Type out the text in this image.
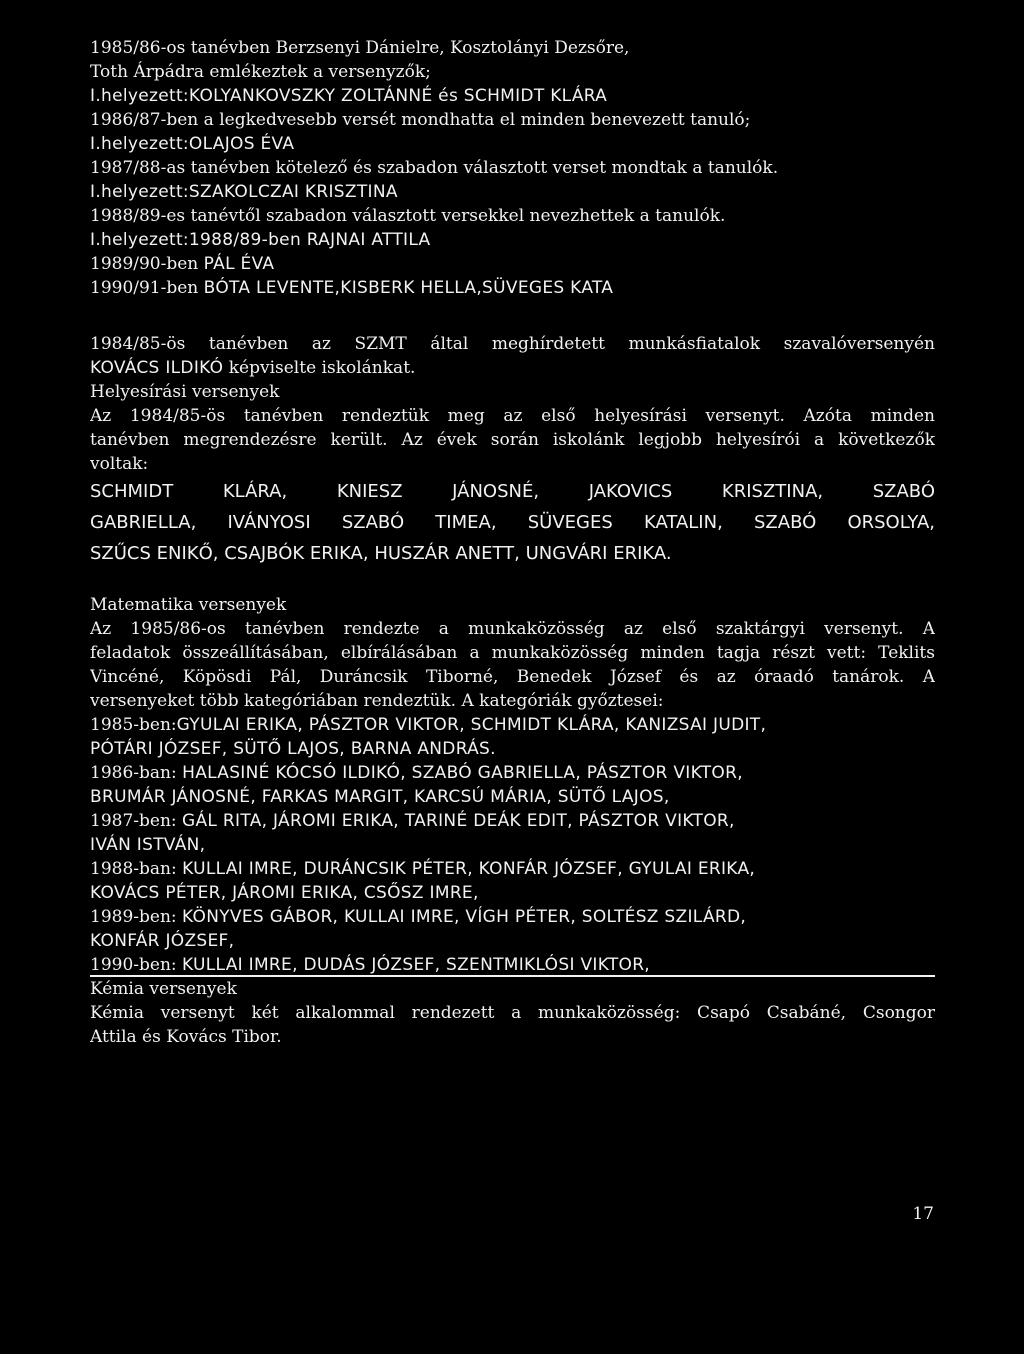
1985/86-os tanévben Berzsenyi Dánielre, Kosztolányi Dezsőre,
Toth Árpádra emlékeztek a versenyzők;
I.helyezett:KOLYANKOVSZKY ZOLTÁNNÉ és SCHMIDT KLÁRA
1986/87-ben a legkedvesebb versét mondhatta el minden benevezett tanuló;
I.helyezett:OLAJOS ÉVA
1987/88-as tanévben kötelező és szabadon választott verset mondtak a tanulók.
I.helyezett:SZAKOLCZAI KRISZTINA
1988/89-es tanévtől szabadon választott versekkel nevezhettek a tanulók.
I.helyezett:1988/89-ben RAJNAI ATTILA
1989/90-ben PÁL ÉVA
1990/91-ben BÓTA LEVENTE,KISBERK HELLA,SÜVEGES KATA
1984/85-ös tanévben az SZMT által meghírdetett munkásfiatalok szavalóversenyén
KOVÁCS ILDIKÓ képviselte iskolánkat.
Helyesírási versenyek
Az 1984/85-ös tanévben rendeztük meg az első helyesírási versenyt. Azóta minden
tanévben megrendezésre került. Az évek során iskolánk legjobb helyesírói a következők
voltak:
SCHMIDT KLÁRA, KNIESZ JÁNOSNÉ, JAKOVICS KRISZTINA, SZABÓ
GABRIELLA, IVÁNYOSI SZABÓ TIMEA, SÜVEGES KATALIN, SZABÓ ORSOLYA,
SZŰCS ENIKŐ, CSAJBÓK ERIKA, HUSZÁR ANETT, UNGVÁRI ERIKA.
Matematika versenyek
Az 1985/86-os tanévben rendezte a munkaközösség az első szaktárgyi versenyt. A
feladatok összeállításában, elbírálásában a munkaközösség minden tagja részt vett: Teklits
Vincéné, Köpösdi Pál, Duráncsik Tiborné, Benedek József és az óraadó tanárok. A
versenyeket több kategóriában rendeztük. A kategóriák győztesei:
1985-ben:GYULAI ERIKA, PÁSZTOR VIKTOR, SCHMIDT KLÁRA, KANIZSAI JUDIT,
PÓTÁRI JÓZSEF, SÜTŐ LAJOS, BARNA ANDRÁS.
1986-ban: HALASINÉ KÓCSÓ ILDIKÓ, SZABÓ GABRIELLA, PÁSZTOR VIKTOR,
BRUMÁR JÁNOSNÉ, FARKAS MARGIT, KARCSÚ MÁRIA, SÜTŐ LAJOS,
1987-ben: GÁL RITA, JÁROMI ERIKA, TARINÉ DEÁK EDIT, PÁSZTOR VIKTOR,
IVÁN ISTVÁN,
1988-ban: KULLAI IMRE, DURÁNCSIK PÉTER, KONFÁR JÓZSEF, GYULAI ERIKA,
KOVÁCS PÉTER, JÁROMI ERIKA, CSŐSZ IMRE,
1989-ben: KÖNYVES GÁBOR, KULLAI IMRE, VÍGH PÉTER, SOLTÉSZ SZILÁRD,
KONFÁR JÓZSEF,
1990-ben: KULLAI IMRE, DUDÁS JÓZSEF, SZENTMIKLÓSI VIKTOR,
Kémia versenyek
Kémia versenyt két alkalommal rendezett a munkaközösség: Csapó Csabáné, Csongor
Attila és Kovács Tibor.
17
